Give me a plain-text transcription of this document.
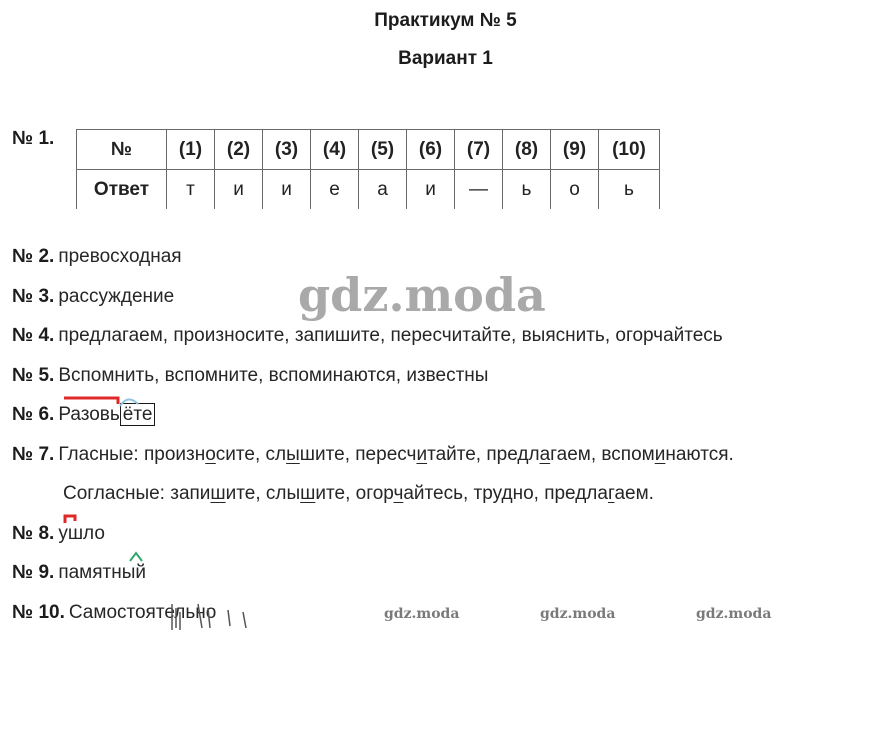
Практикум № 5
Вариант 1
№ 1.	№	(1)	(2)	(3)	(4)	(5)	(6)	(7)	(8)	(9)	(10)
Ответ	т	и	и	е	а	и	—	ь	о	ь
№ 2. превосходная
№ 3. рассуждение
№ 4. предлагаем, произносите, запишите, пересчитайте, выяснить, огорчайтесь
№ 5. Вспомнить, вспомните, вспоминаются, известны
№ 6. Разовь ёте
№ 7. Гласные: произносите, слышите, пересчитайте, предлагаем, вспоминаются.
Согласные: запишите, слышите, огорчайтесь, трудно, предлагаем.
№ 8. ушло
№ 9. памятный
№ 10. Самостоятельно
gdz.moda
gdz.moda	gdz.moda	gdz.moda
